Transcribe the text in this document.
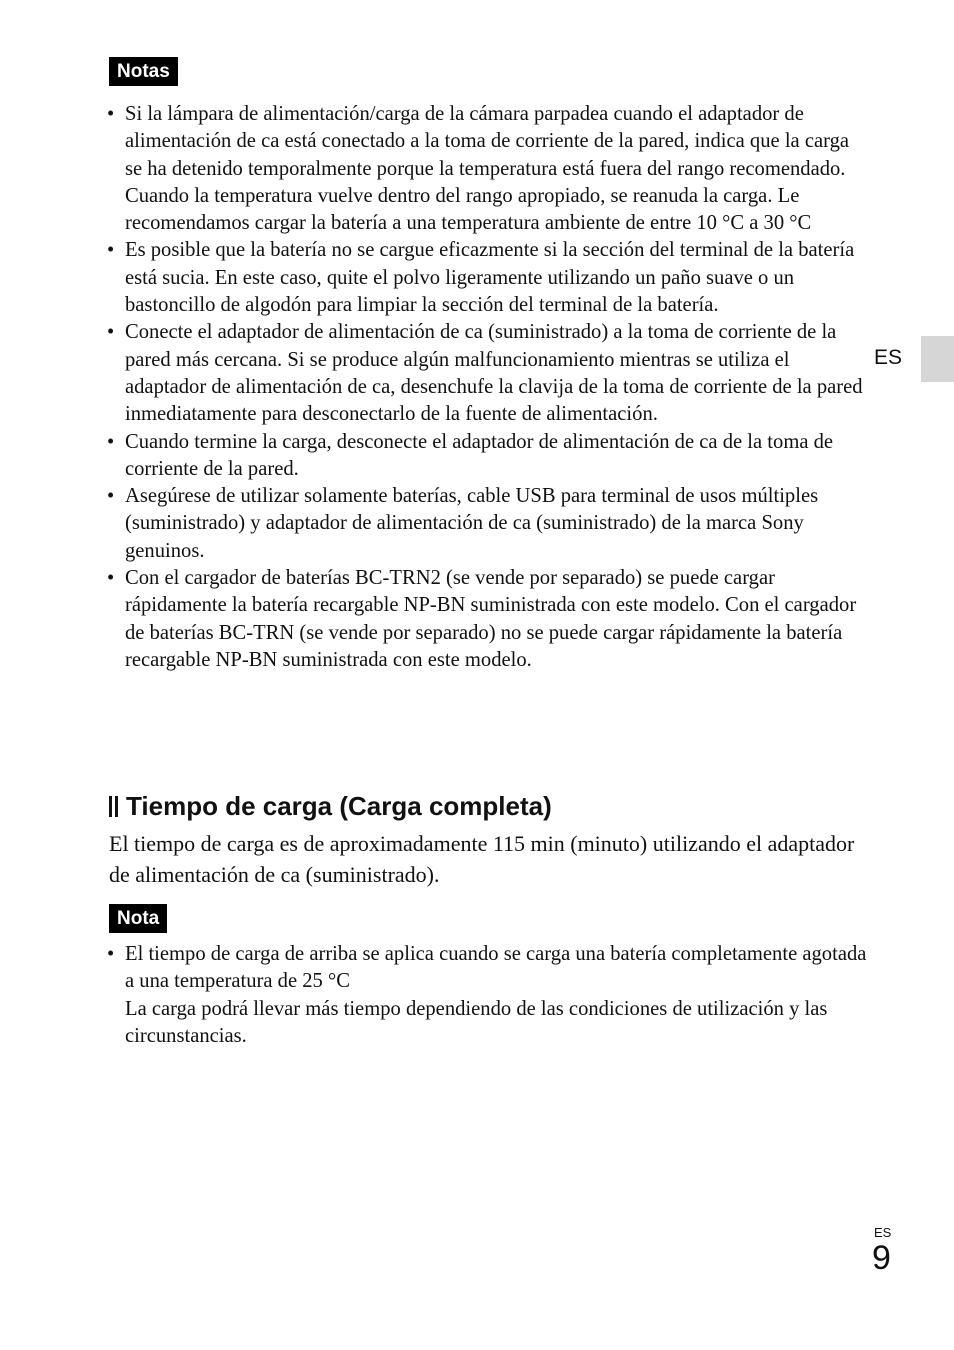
Notas
• Si la lámpara de alimentación/carga de la cámara parpadea cuando el adaptador de alimentación de ca está conectado a la toma de corriente de la pared, indica que la carga se ha detenido temporalmente porque la temperatura está fuera del rango recomendado. Cuando la temperatura vuelve dentro del rango apropiado, se reanuda la carga. Le recomendamos cargar la batería a una temperatura ambiente de entre 10 °C a 30 °C
• Es posible que la batería no se cargue eficazmente si la sección del terminal de la batería está sucia. En este caso, quite el polvo ligeramente utilizando un paño suave o un bastoncillo de algodón para limpiar la sección del terminal de la batería.
• Conecte el adaptador de alimentación de ca (suministrado) a la toma de corriente de la pared más cercana. Si se produce algún malfuncionamiento mientras se utiliza el adaptador de alimentación de ca, desenchufe la clavija de la toma de corriente de la pared inmediatamente para desconectarlo de la fuente de alimentación.
• Cuando termine la carga, desconecte el adaptador de alimentación de ca de la toma de corriente de la pared.
• Asegúrese de utilizar solamente baterías, cable USB para terminal de usos múltiples (suministrado) y adaptador de alimentación de ca (suministrado) de la marca Sony genuinos.
• Con el cargador de baterías BC-TRN2 (se vende por separado) se puede cargar rápidamente la batería recargable NP-BN suministrada con este modelo. Con el cargador de baterías BC-TRN (se vende por separado) no se puede cargar rápidamente la batería recargable NP-BN suministrada con este modelo.
Tiempo de carga (Carga completa)

El tiempo de carga es de aproximadamente 115 min (minuto) utilizando el adaptador de alimentación de ca (suministrado).

Nota
• El tiempo de carga de arriba se aplica cuando se carga una batería completamente agotada a una temperatura de 25 °C
La carga podrá llevar más tiempo dependiendo de las condiciones de utilización y las circunstancias.
ES
ES
9
